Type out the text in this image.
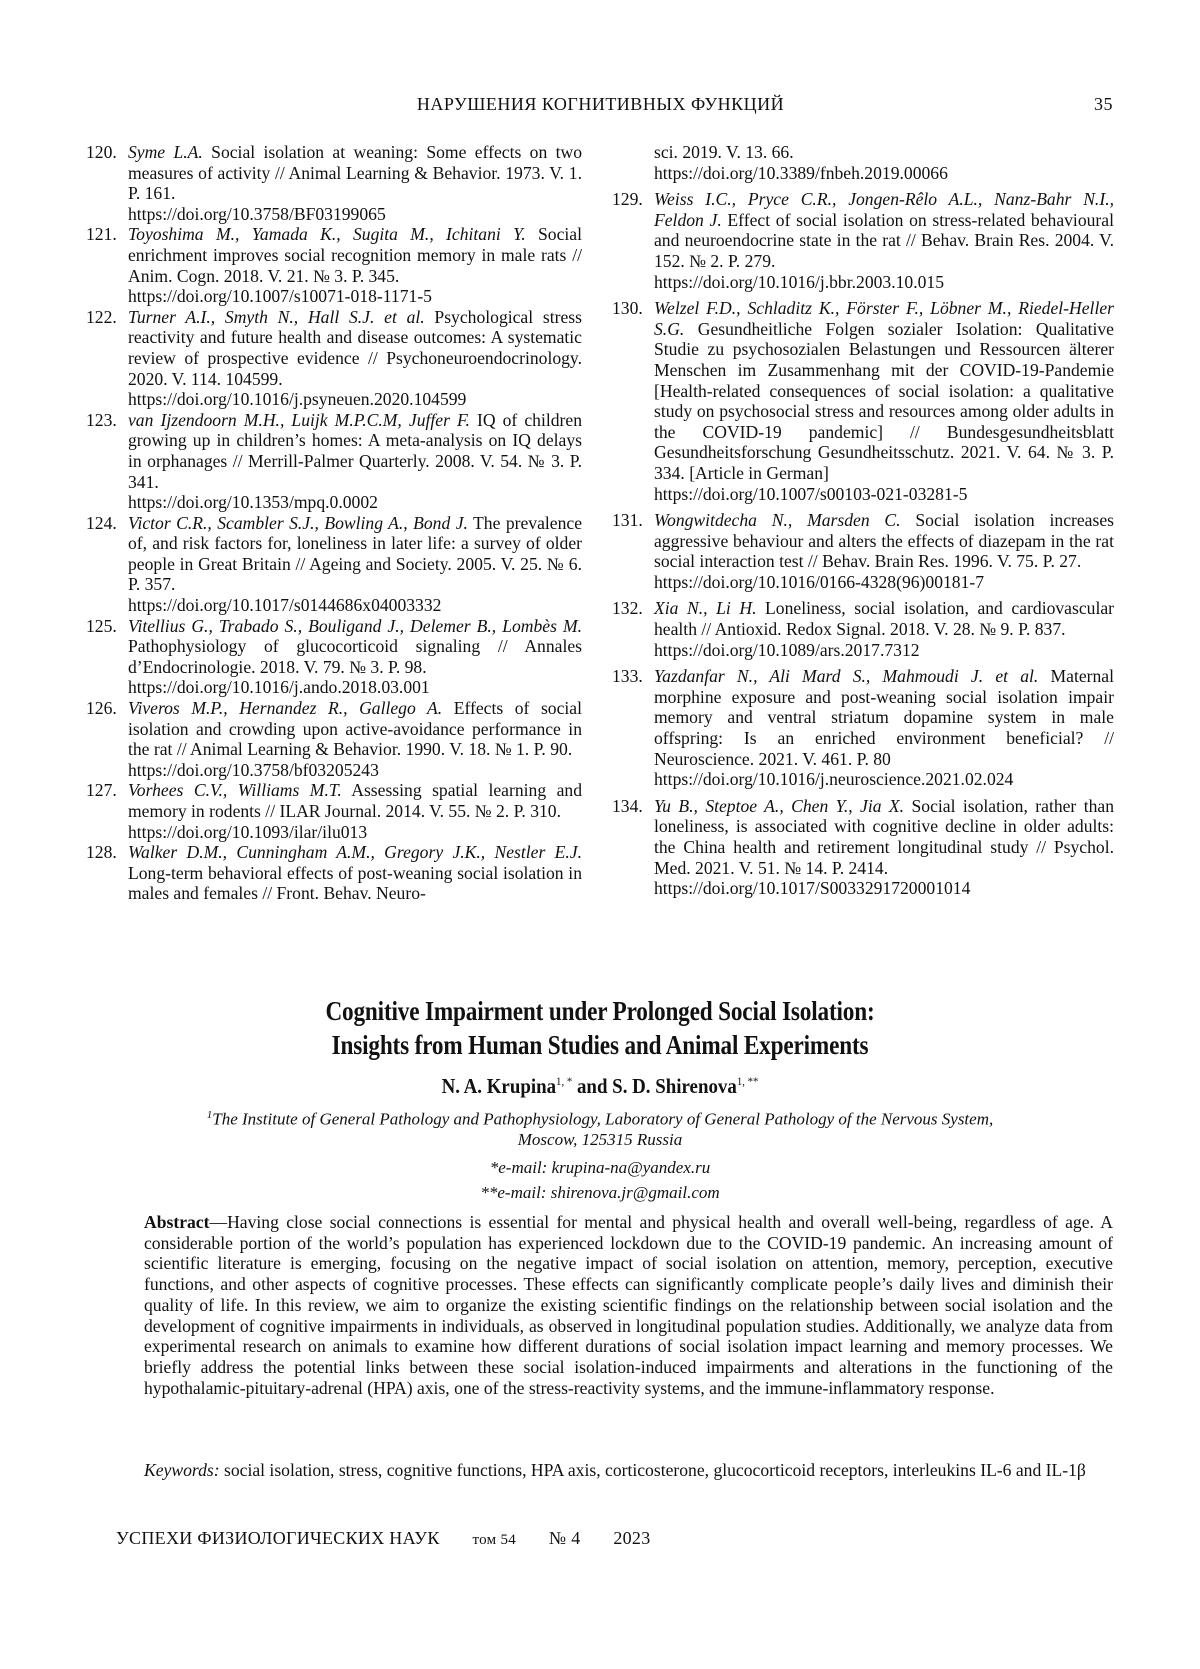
НАРУШЕНИЯ КОГНИТИВНЫХ ФУНКЦИЙ	35
120. Syme L.A. Social isolation at weaning: Some effects on two measures of activity // Animal Learning & Behavior. 1973. V. 1. P. 161.
https://doi.org/10.3758/BF03199065
121. Toyoshima M., Yamada K., Sugita M., Ichitani Y. Social enrichment improves social recognition memory in male rats // Anim. Cogn. 2018. V. 21. № 3. P. 345.
https://doi.org/10.1007/s10071-018-1171-5
122. Turner A.I., Smyth N., Hall S.J. et al. Psychological stress reactivity and future health and disease outcomes: A systematic review of prospective evidence // Psychoneuroendocrinology. 2020. V. 114. 104599.
https://doi.org/10.1016/j.psyneuen.2020.104599
123. van Ijzendoorn M.H., Luijk M.P.C.M, Juffer F. IQ of children growing up in children’s homes: A meta-analysis on IQ delays in orphanages // Merrill-Palmer Quarterly. 2008. V. 54. № 3. P. 341.
https://doi.org/10.1353/mpq.0.0002
124. Victor C.R., Scambler S.J., Bowling A., Bond J. The prevalence of, and risk factors for, loneliness in later life: a survey of older people in Great Britain // Ageing and Society. 2005. V. 25. № 6. P. 357.
https://doi.org/10.1017/s0144686x04003332
125. Vitellius G., Trabado S., Bouligand J., Delemer B., Lombès M. Pathophysiology of glucocorticoid signaling // Annales d’Endocrinologie. 2018. V. 79. № 3. P. 98.
https://doi.org/10.1016/j.ando.2018.03.001
126. Viveros M.P., Hernandez R., Gallego A. Effects of social isolation and crowding upon active-avoidance performance in the rat // Animal Learning & Behavior. 1990. V. 18. № 1. P. 90.
https://doi.org/10.3758/bf03205243
127. Vorhees C.V., Williams M.T. Assessing spatial learning and memory in rodents // ILAR Journal. 2014. V. 55. № 2. P. 310.
https://doi.org/10.1093/ilar/ilu013
128. Walker D.M., Cunningham A.M., Gregory J.K., Nestler E.J. Long-term behavioral effects of post-weaning social isolation in males and females // Front. Behav. Neuro-
sci. 2019. V. 13. 66.
https://doi.org/10.3389/fnbeh.2019.00066
129. Weiss I.C., Pryce C.R., Jongen-Rêlo A.L., Nanz-Bahr N.I., Feldon J. Effect of social isolation on stress-related behavioural and neuroendocrine state in the rat // Behav. Brain Res. 2004. V. 152. № 2. P. 279.
https://doi.org/10.1016/j.bbr.2003.10.015
130. Welzel F.D., Schladitz K., Förster F., Löbner M., Riedel-Heller S.G. Gesundheitliche Folgen sozialer Isolation: Qualitative Studie zu psychosozialen Belastungen und Ressourcen älterer Menschen im Zusammenhang mit der COVID-19-Pandemie [Health-related consequences of social isolation: a qualitative study on psychosocial stress and resources among older adults in the COVID-19 pandemic] // Bundesgesundheitsblatt Gesundheitsforschung Gesundheitsschutz. 2021. V. 64. № 3. P. 334. [Article in German]
https://doi.org/10.1007/s00103-021-03281-5
131. Wongwitdecha N., Marsden C. Social isolation increases aggressive behaviour and alters the effects of diazepam in the rat social interaction test // Behav. Brain Res. 1996. V. 75. P. 27.
https://doi.org/10.1016/0166-4328(96)00181-7
132. Xia N., Li H. Loneliness, social isolation, and cardiovascular health // Antioxid. Redox Signal. 2018. V. 28. № 9. P. 837.
https://doi.org/10.1089/ars.2017.7312
133. Yazdanfar N., Ali Mard S., Mahmoudi J. et al. Maternal morphine exposure and post-weaning social isolation impair memory and ventral striatum dopamine system in male offspring: Is an enriched environment beneficial? // Neuroscience. 2021. V. 461. P. 80
https://doi.org/10.1016/j.neuroscience.2021.02.024
134. Yu B., Steptoe A., Chen Y., Jia X. Social isolation, rather than loneliness, is associated with cognitive decline in older adults: the China health and retirement longitudinal study // Psychol. Med. 2021. V. 51. № 14. P. 2414.
https://doi.org/10.1017/S0033291720001014
Cognitive Impairment under Prolonged Social Isolation:
Insights from Human Studies and Animal Experiments
N. A. Krupina1, * and S. D. Shirenova1, **
1The Institute of General Pathology and Pathophysiology, Laboratory of General Pathology of the Nervous System,
Moscow, 125315 Russia
*e-mail: krupina-na@yandex.ru
**e-mail: shirenova.jr@gmail.com
Abstract—Having close social connections is essential for mental and physical health and overall well-being, regardless of age. A considerable portion of the world’s population has experienced lockdown due to the COVID-19 pandemic. An increasing amount of scientific literature is emerging, focusing on the negative impact of social isolation on attention, memory, perception, executive functions, and other aspects of cognitive processes. These effects can significantly complicate people’s daily lives and diminish their quality of life. In this review, we aim to organize the existing scientific findings on the relationship between social isolation and the development of cognitive impairments in individuals, as observed in longitudinal population studies. Additionally, we analyze data from experimental research on animals to examine how different durations of social isolation impact learning and memory processes. We briefly address the potential links between these social isolation-induced impairments and alterations in the functioning of the hypothalamic-pituitary-adrenal (HPA) axis, one of the stress-reactivity systems, and the immune-inflammatory response.
Keywords: social isolation, stress, cognitive functions, HPA axis, corticosterone, glucocorticoid receptors, interleukins IL-6 and IL-1β
УСПЕХИ ФИЗИОЛОГИЧЕСКИХ НАУК том 54 № 4 2023
